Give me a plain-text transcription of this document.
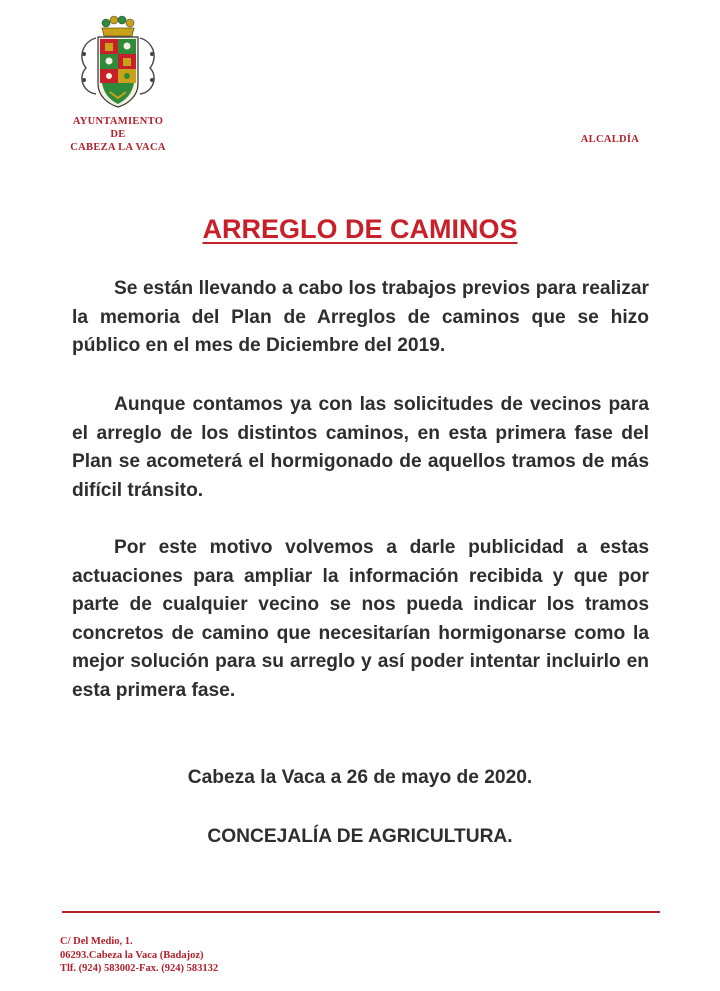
AYUNTAMIENTO
DE
CABEZA LA VACA
ALCALDÍA
ARREGLO DE CAMINOS

Se están llevando a cabo los trabajos previos para realizar la memoria del Plan de Arreglos de caminos que se hizo público en el mes de Diciembre del 2019.

Aunque contamos ya con las solicitudes de vecinos para el arreglo de los distintos caminos, en esta primera fase del Plan se acometerá el hormigonado de aquellos tramos de más difícil tránsito.

Por este motivo volvemos a darle publicidad a estas actuaciones para ampliar la información recibida y que por parte de cualquier vecino se nos pueda indicar los tramos concretos de camino que necesitarían hormigonarse como la mejor solución para su arreglo y así poder intentar incluirlo en esta primera fase.

Cabeza la Vaca a 26 de mayo de 2020.
CONCEJALÍA DE AGRICULTURA.
C/ Del Medio, 1.
06293.Cabeza la Vaca (Badajoz)
Tlf. (924) 583002-Fax. (924) 583132
